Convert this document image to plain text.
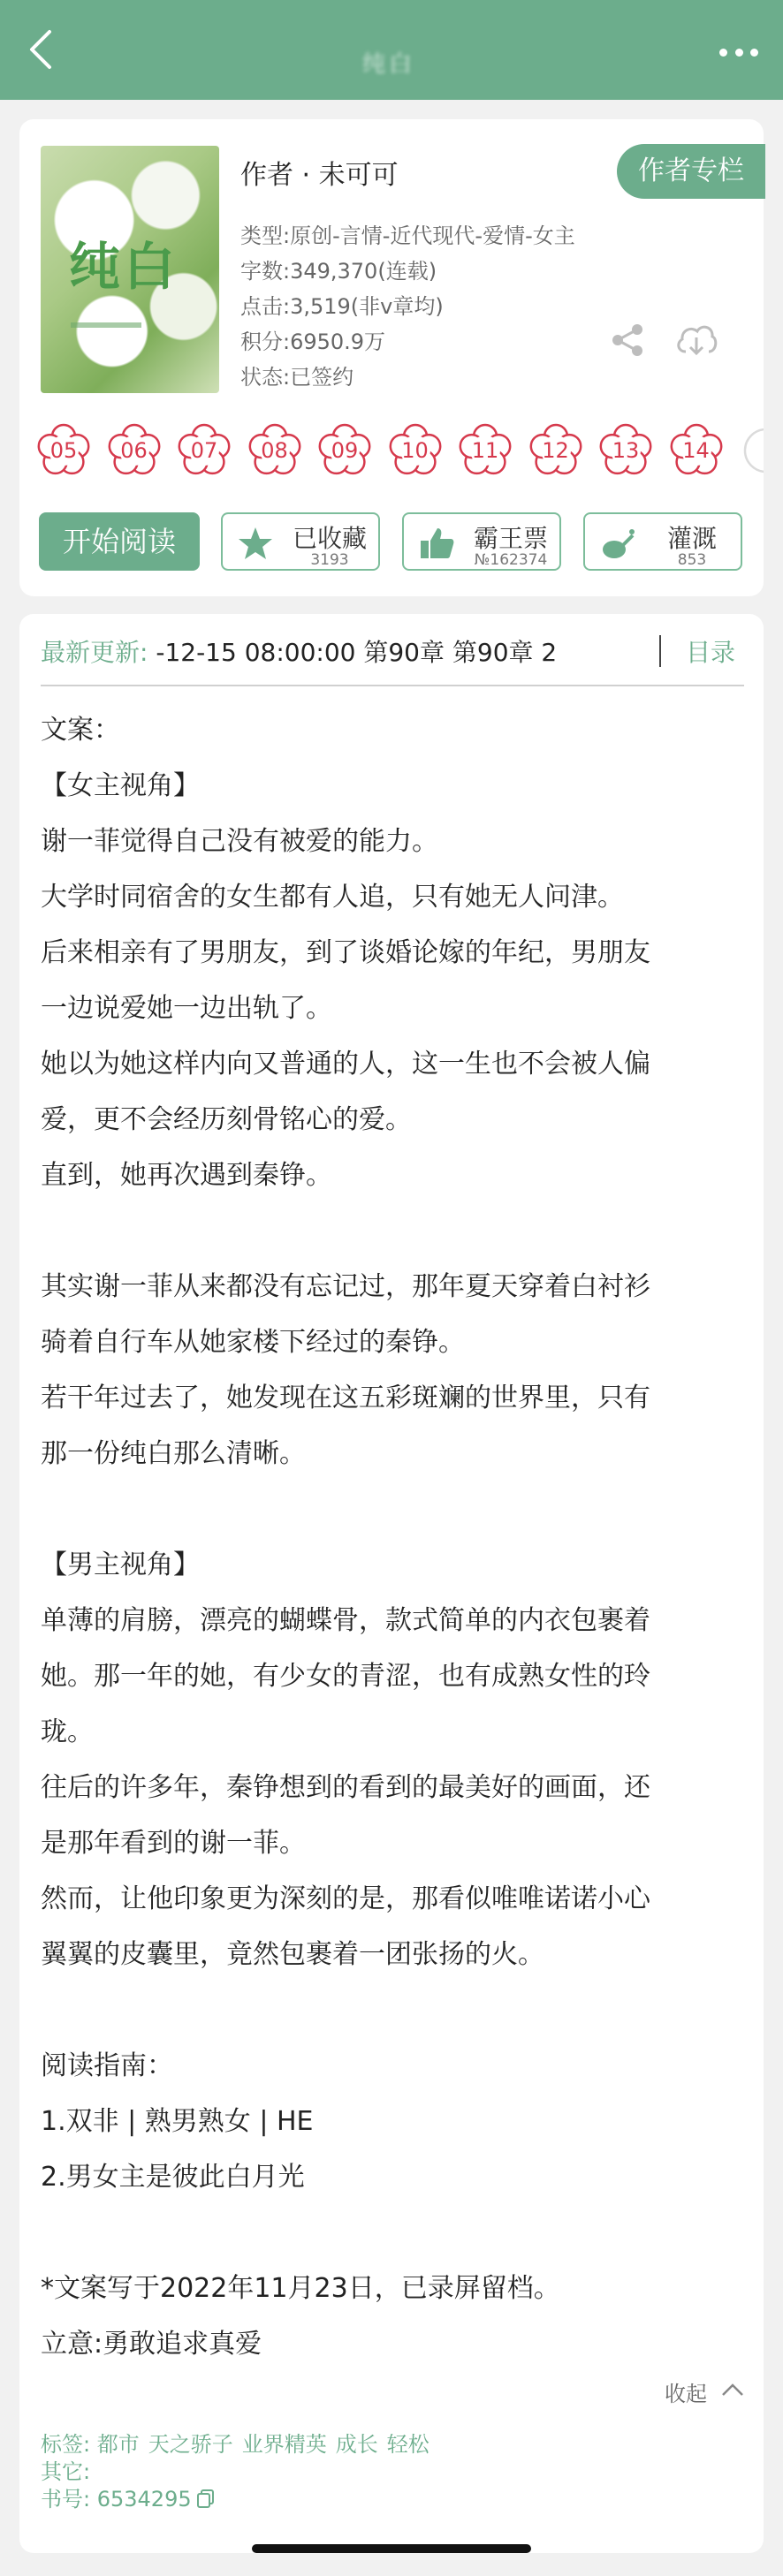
纯白
纯白
作者 · 未可可	作者专栏
类型:原创-言情-近代现代-爱情-女主
字数:349,370(连载)
点击:3,519(非v章均)
积分:6950.9万
状态:已签约
05	06	07	08	09	10	11	12	13	14
开始阅读	已收藏
3193
霸王票
№162374
灌溉
853
最新更新: -12-15 08:00:00 第90章 第90章 2	目录

文案：

【女主视角】

谢一菲觉得自己没有被爱的能力。

大学时同宿舍的女生都有人追，只有她无人问津。

后来相亲有了男朋友，到了谈婚论嫁的年纪，男朋友

一边说爱她一边出轨了。

她以为她这样内向又普通的人，这一生也不会被人偏

爱，更不会经历刻骨铭心的爱。

直到，她再次遇到秦铮。

其实谢一菲从来都没有忘记过，那年夏天穿着白衬衫

骑着自行车从她家楼下经过的秦铮。

若干年过去了，她发现在这五彩斑斓的世界里，只有

那一份纯白那么清晰。

【男主视角】

单薄的肩膀，漂亮的蝴蝶骨，款式简单的内衣包裹着

她。那一年的她，有少女的青涩，也有成熟女性的玲

珑。

往后的许多年，秦铮想到的看到的最美好的画面，还

是那年看到的谢一菲。

然而，让他印象更为深刻的是，那看似唯唯诺诺小心

翼翼的皮囊里，竟然包裹着一团张扬的火。

阅读指南：

1.双非 | 熟男熟女 | HE

2.男女主是彼此白月光

*文案写于2022年11月23日，已录屏留档。

立意:勇敢追求真爱

收起
标签: 都市 天之骄子 业界精英 成长 轻松
其它:
书号: 6534295
